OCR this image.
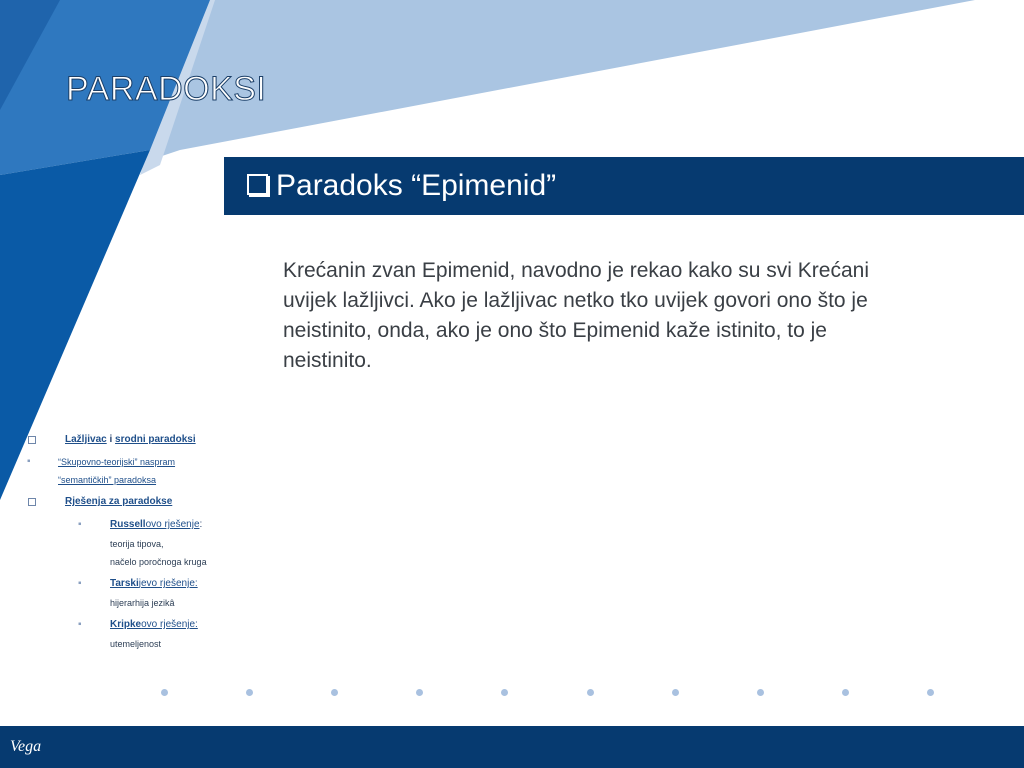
PARADOKSI
Paradoks “Epimenid”
Krećanin zvan Epimenid, navodno je rekao kako su svi Krećani uvijek lažljivci. Ako je lažljivac netko tko uvijek govori ono što je neistinito, onda, ako je ono što Epimenid kaže istinito, to je neistinito.
Lažljivac i srodni paradoksi
▪	“Skupovno-teorijski” naspram
“semantičkih” paradoksa
Rješenja za paradokse
▪	Russellovo rješenje:
teorija tipova,
načelo poročnoga kruga
▪	Tarskijevo rješenje:
hijerarhija jezikâ
▪	Kripkeovo rješenje:
utemeljenost
Vega
